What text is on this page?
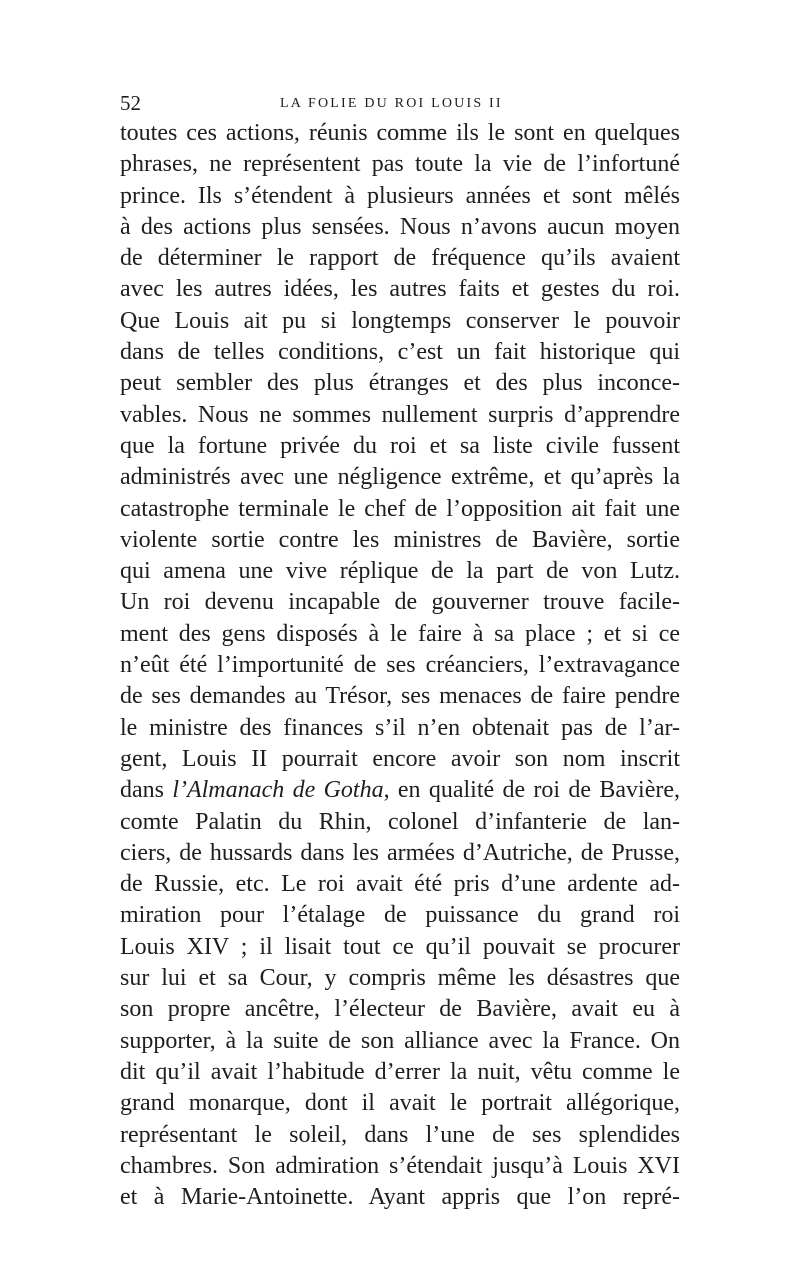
52	LA FOLIE DU ROI LOUIS II
toutes ces actions, réunis comme ils le sont en quelques
phrases, ne représentent pas toute la vie de l’infortuné
prince. Ils s’étendent à plusieurs années et sont mêlés
à des actions plus sensées. Nous n’avons aucun moyen
de déterminer le rapport de fréquence qu’ils avaient
avec les autres idées, les autres faits et gestes du roi.
Que Louis ait pu si longtemps conserver le pouvoir
dans de telles conditions, c’est un fait historique qui
peut sembler des plus étranges et des plus inconce-
vables. Nous ne sommes nullement surpris d’apprendre
que la fortune privée du roi et sa liste civile fussent
administrés avec une négligence extrême, et qu’après la
catastrophe terminale le chef de l’opposition ait fait une
violente sortie contre les ministres de Bavière, sortie
qui amena une vive réplique de la part de von Lutz.
Un roi devenu incapable de gouverner trouve facile-
ment des gens disposés à le faire à sa place ; et si ce
n’eût été l’importunité de ses créanciers, l’extravagance
de ses demandes au Trésor, ses menaces de faire pendre
le ministre des finances s’il n’en obtenait pas de l’ar-
gent, Louis II pourrait encore avoir son nom inscrit
dans l’Almanach de Gotha, en qualité de roi de Bavière,
comte Palatin du Rhin, colonel d’infanterie de lan-
ciers, de hussards dans les armées d’Autriche, de Prusse,
de Russie, etc. Le roi avait été pris d’une ardente ad-
miration pour l’étalage de puissance du grand roi
Louis XIV ; il lisait tout ce qu’il pouvait se procurer
sur lui et sa Cour, y compris même les désastres que
son propre ancêtre, l’électeur de Bavière, avait eu à
supporter, à la suite de son alliance avec la France. On
dit qu’il avait l’habitude d’errer la nuit, vêtu comme le
grand monarque, dont il avait le portrait allégorique,
représentant le soleil, dans l’une de ses splendides
chambres. Son admiration s’étendait jusqu’à Louis XVI
et à Marie-Antoinette. Ayant appris que l’on repré-
